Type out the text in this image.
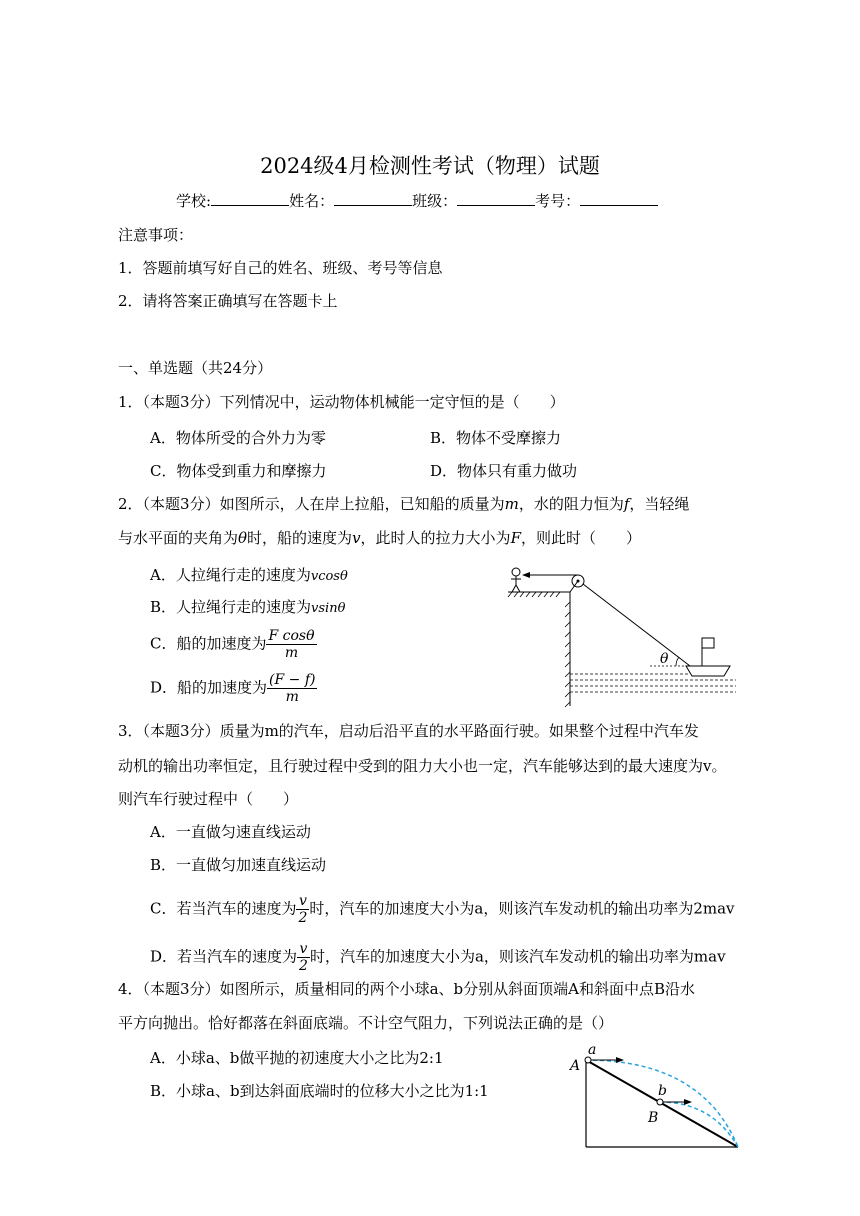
2024级4月检测性考试（物理）试题
学校:	姓名：	班级：	考号：
注意事项：
1．答题前填写好自己的姓名、班级、考号等信息
2．请将答案正确填写在答题卡上
一、单选题（共24分）
1．（本题3分）下列情况中，运动物体机械能一定守恒的是（　　）
A．物体所受的合外力为零	B．物体不受摩擦力
C．物体受到重力和摩擦力	D．物体只有重力做功
2．（本题3分）如图所示，人在岸上拉船，已知船的质量为m，水的阻力恒为f，当轻绳
与水平面的夹角为θ时，船的速度为v，此时人的拉力大小为F，则此时（　　）
A．人拉绳行走的速度为vcosθ
B．人拉绳行走的速度为vsinθ
C．船的加速度为 $\frac{\text{F cosθ}}{m}$
D．船的加速度为 $\frac{(F - f)}{m}$
θ
3．（本题3分）质量为m的汽车，启动后沿平直的水平路面行驶。如果整个过程中汽车发
动机的输出功率恒定，且行驶过程中受到的阻力大小也一定，汽车能够达到的最大速度为v。
则汽车行驶过程中（　　）
A．一直做匀速直线运动
B．一直做匀加速直线运动
C．若当汽车的速度为 $\frac{v}{2}$ 时，汽车的加速度大小为a，则该汽车发动机的输出功率为2mav
D．若当汽车的速度为 $\frac{v}{2}$ 时，汽车的加速度大小为a，则该汽车发动机的输出功率为mav
4．（本题3分）如图所示，质量相同的两个小球a、b分别从斜面顶端A和斜面中点B沿水
平方向抛出。恰好都落在斜面底端。不计空气阻力，下列说法正确的是（）
A．小球a、b做平抛的初速度大小之比为2:1
B．小球a、b到达斜面底端时的位移大小之比为1:1
A
a
B
b
